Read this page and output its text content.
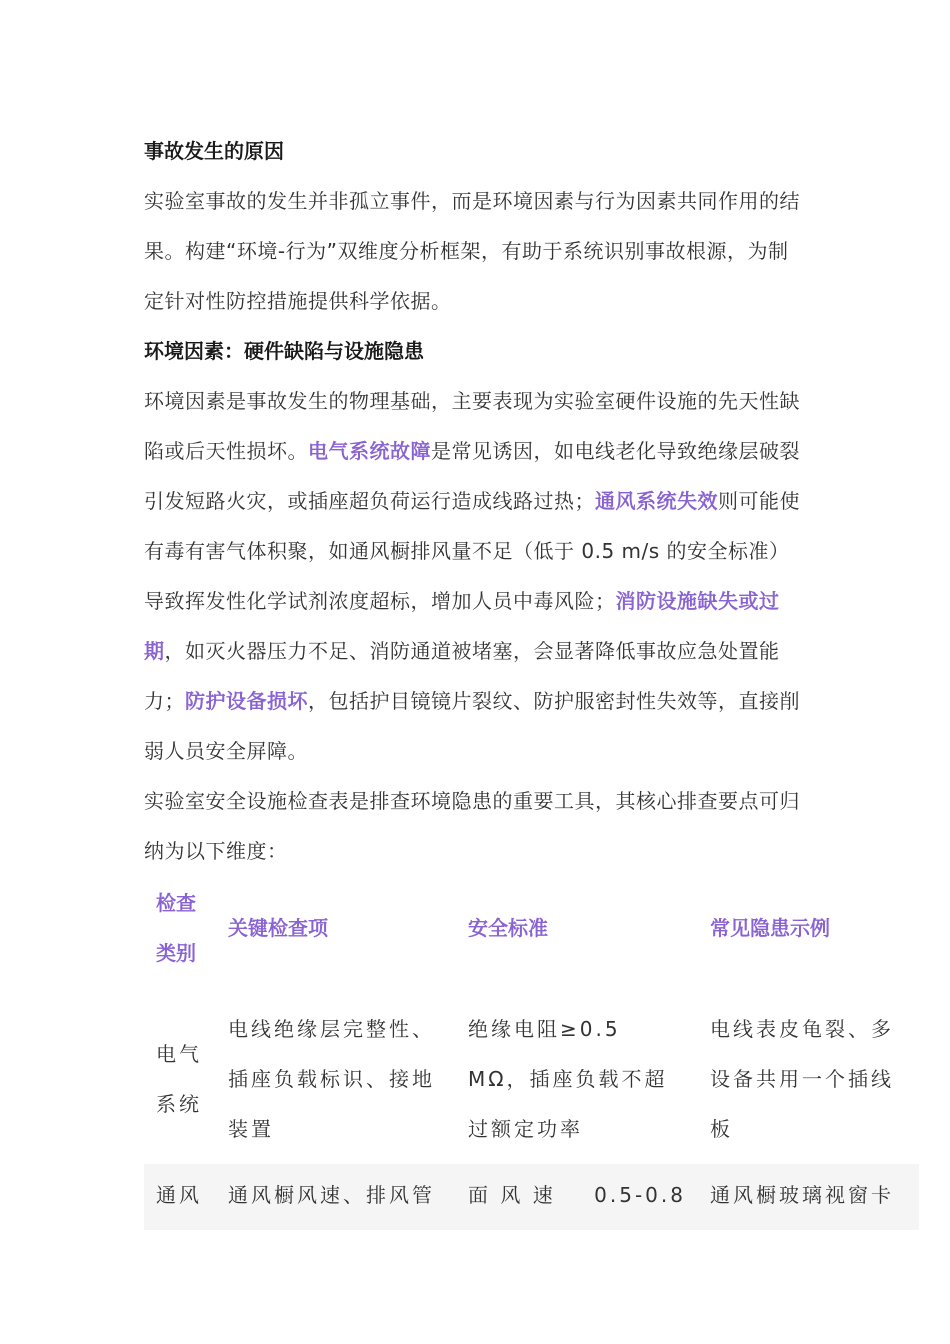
事故发生的原因

实验室事故的发生并非孤立事件，而是环境因素与行为因素共同作用的结果。构建“环境-行为”双维度分析框架，有助于系统识别事故根源，为制定针对性防控措施提供科学依据。

环境因素：硬件缺陷与设施隐患

环境因素是事故发生的物理基础，主要表现为实验室硬件设施的先天性缺陷或后天性损坏。电气系统故障是常见诱因，如电线老化导致绝缘层破裂引发短路火灾，或插座超负荷运行造成线路过热；通风系统失效则可能使有毒有害气体积聚，如通风橱排风量不足（低于 0.5 m/s 的安全标准）导致挥发性化学试剂浓度超标，增加人员中毒风险；消防设施缺失或过期，如灭火器压力不足、消防通道被堵塞，会显著降低事故应急处置能力；防护设备损坏，包括护目镜镜片裂纹、防护服密封性失效等，直接削弱人员安全屏障。

实验室安全设施检查表是排查环境隐患的重要工具，其核心排查要点可归纳为以下维度：

检查类别	关键检查项	安全标准	常见隐患示例
电气系统	电线绝缘层完整性、插座负载标识、接地装置	绝缘电阻≥0.5 MΩ，插座负载不超过额定功率	电线表皮龟裂、多设备共用一个插线板
通风	通风橱风速、排风管	面 风 速 0.5-0.8	通风橱玻璃视窗卡
